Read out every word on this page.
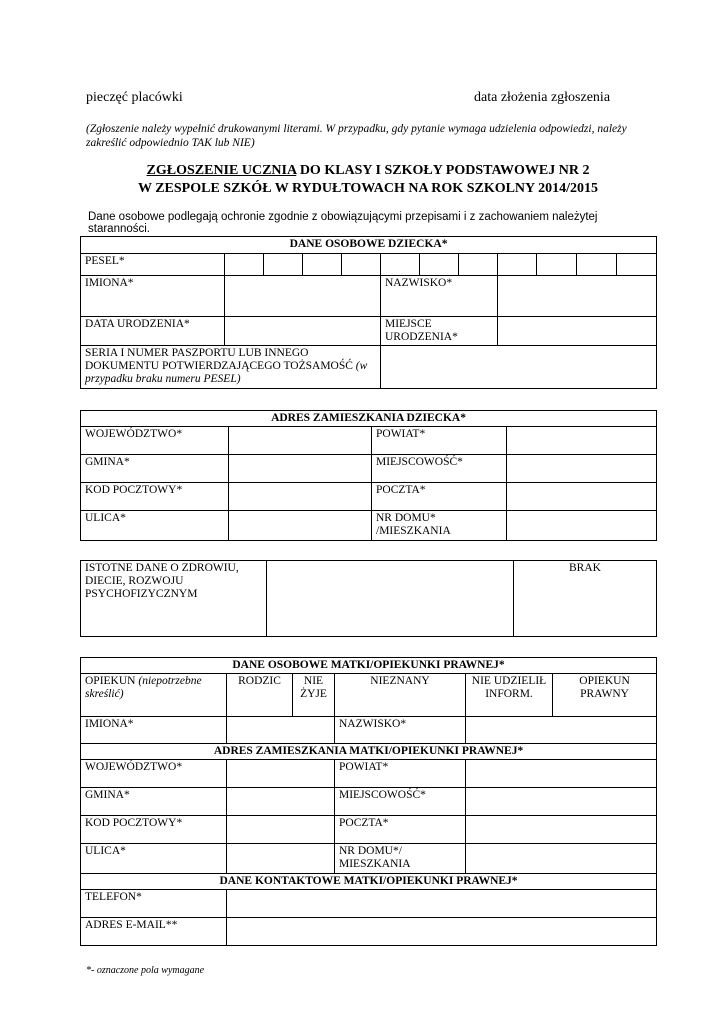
pieczęć placówki	data złożenia zgłoszenia
(Zgłoszenie należy wypełnić drukowanymi literami. W przypadku, gdy pytanie wymaga udzielenia odpowiedzi, należy zakreślić odpowiednio TAK lub NIE)
ZGŁOSZENIE UCZNIA DO KLASY I SZKOŁY PODSTAWOWEJ NR 2
W ZESPOLE SZKÓŁ W RYDUŁTOWACH NA ROK SZKOLNY 2014/2015
Dane osobowe podlegają ochronie zgodnie z obowiązującymi przepisami i z zachowaniem należytej staranności.
DANE OSOBOWE DZIECKA*											
PESEL*											
IMIONA*					NAZWISKO*						
DATA URODZENIA*					MIEJSCE URODZENIA*						
SERIA I NUMER PASZPORTU LUB INNEGO DOKUMENTU POTWIERDZAJĄCEGO TOŻSAMOŚĆ (w przypadku braku numeru PESEL)											
ADRES ZAMIESZKANIA DZIECKA*			
WOJEWÓDZTWO*		POWIAT*	
GMINA*		MIEJSCOWOŚĆ*	
KOD POCZTOWY*		POCZTA*	
ULICA*		NR DOMU* /MIESZKANIA	
ISTOTNE DANE O ZDROWIU, DIECIE, ROZWOJU PSYCHOFIZYCZNYM		BRAK
DANE OSOBOWE MATKI/OPIEKUNKI PRAWNEJ*					
OPIEKUN (niepotrzebne skreślić)	RODZIC	NIE ŻYJE	NIEZNANY	NIE UDZIELIŁ INFORM.	OPIEKUN PRAWNY
IMIONA*			NAZWISKO*		
ADRES ZAMIESZKANIA MATKI/OPIEKUNKI PRAWNEJ*					
WOJEWÓDZTWO*			POWIAT*		
GMINA*			MIEJSCOWOŚĆ*		
KOD POCZTOWY*			POCZTA*		
ULICA*			NR DOMU*/ MIESZKANIA		
DANE KONTAKTOWE MATKI/OPIEKUNKI PRAWNEJ*					
TELEFON*					
ADRES E-MAIL**					
*- oznaczone pola wymagane
